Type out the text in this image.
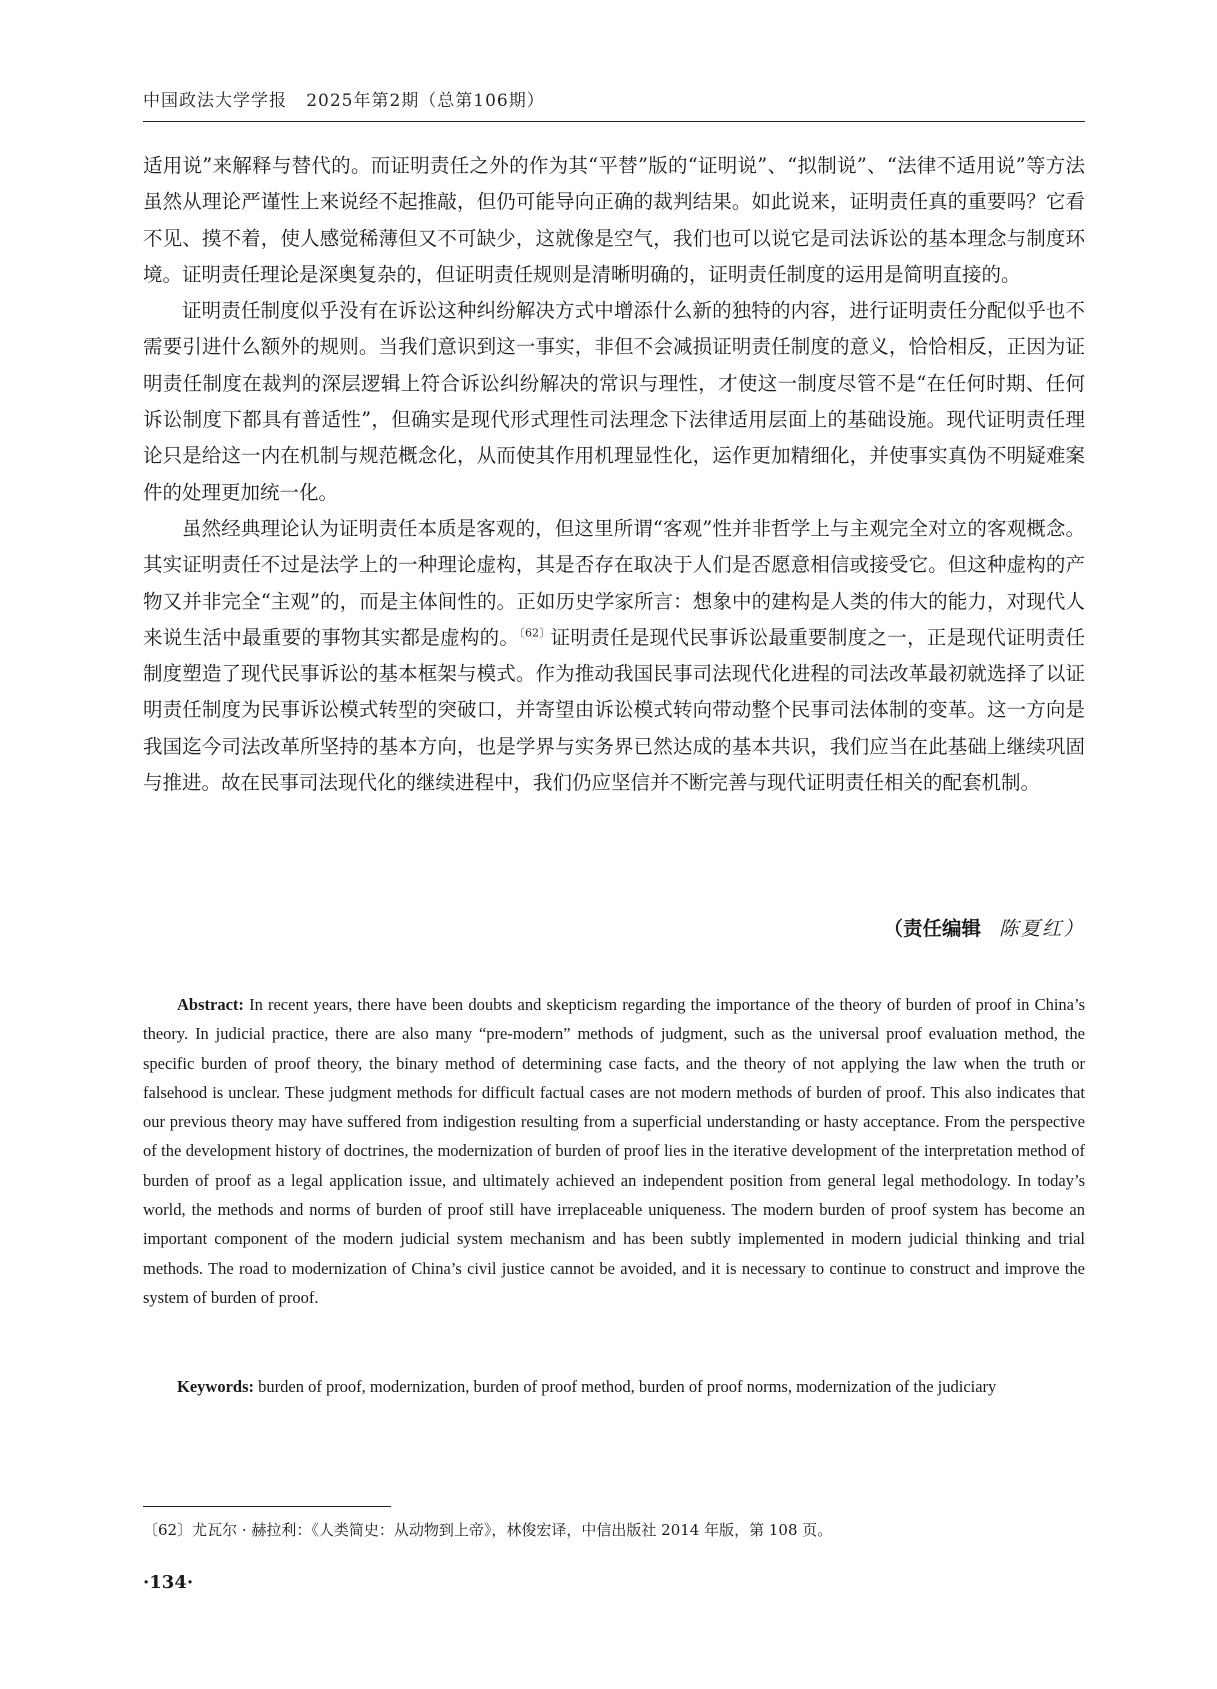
中国政法大学学报 2025年第2期（总第106期）

适用说”来解释与替代的。而证明责任之外的作为其“平替”版的“证明说”、“拟制说”、“法律不适用说”等方法虽然从理论严谨性上来说经不起推敲，但仍可能导向正确的裁判结果。如此说来，证明责任真的重要吗？它看不见、摸不着，使人感觉稀薄但又不可缺少，这就像是空气，我们也可以说它是司法诉讼的基本理念与制度环境。证明责任理论是深奥复杂的，但证明责任规则是清晰明确的，证明责任制度的运用是简明直接的。

证明责任制度似乎没有在诉讼这种纠纷解决方式中增添什么新的独特的内容，进行证明责任分配似乎也不需要引进什么额外的规则。当我们意识到这一事实，非但不会减损证明责任制度的意义，恰恰相反，正因为证明责任制度在裁判的深层逻辑上符合诉讼纠纷解决的常识与理性，才使这一制度尽管不是“在任何时期、任何诉讼制度下都具有普适性”，但确实是现代形式理性司法理念下法律适用层面上的基础设施。现代证明责任理论只是给这一内在机制与规范概念化，从而使其作用机理显性化，运作更加精细化，并使事实真伪不明疑难案件的处理更加统一化。

虽然经典理论认为证明责任本质是客观的，但这里所谓“客观”性并非哲学上与主观完全对立的客观概念。其实证明责任不过是法学上的一种理论虚构，其是否存在取决于人们是否愿意相信或接受它。但这种虚构的产物又并非完全“主观”的，而是主体间性的。正如历史学家所言：想象中的建构是人类的伟大的能力，对现代人来说生活中最重要的事物其实都是虚构的。$^{〔62〕}$证明责任是现代民事诉讼最重要制度之一，正是现代证明责任制度塑造了现代民事诉讼的基本框架与模式。作为推动我国民事司法现代化进程的司法改革最初就选择了以证明责任制度为民事诉讼模式转型的突破口，并寄望由诉讼模式转向带动整个民事司法体制的变革。这一方向是我国迄今司法改革所坚持的基本方向，也是学界与实务界已然达成的基本共识，我们应当在此基础上继续巩固与推进。故在民事司法现代化的继续进程中，我们仍应坚信并不断完善与现代证明责任相关的配套机制。

（责任编辑 陈夏红）
Abstract: In recent years, there have been doubts and skepticism regarding the importance of the theory of burden of proof in China’s theory. In judicial practice, there are also many “pre-modern” methods of judgment, such as the universal proof evaluation method, the specific burden of proof theory, the binary method of determining case facts, and the theory of not applying the law when the truth or falsehood is unclear. These judgment methods for difficult factual cases are not modern methods of burden of proof. This also indicates that our previous theory may have suffered from indigestion resulting from a superficial understanding or hasty acceptance. From the perspective of the development history of doctrines, the modernization of burden of proof lies in the iterative development of the interpretation method of burden of proof as a legal application issue, and ultimately achieved an independent position from general legal methodology. In today’s world, the methods and norms of burden of proof still have irreplaceable uniqueness. The modern burden of proof system has become an important component of the modern judicial system mechanism and has been subtly implemented in modern judicial thinking and trial methods. The road to modernization of China’s civil justice cannot be avoided, and it is necessary to continue to construct and improve the system of burden of proof.
Keywords: burden of proof, modernization, burden of proof method, burden of proof norms, modernization of the judiciary
〔62〕尤瓦尔 · 赫拉利：《人类简史：从动物到上帝》，林俊宏译，中信出版社 2014 年版，第 108 页。
·134·
